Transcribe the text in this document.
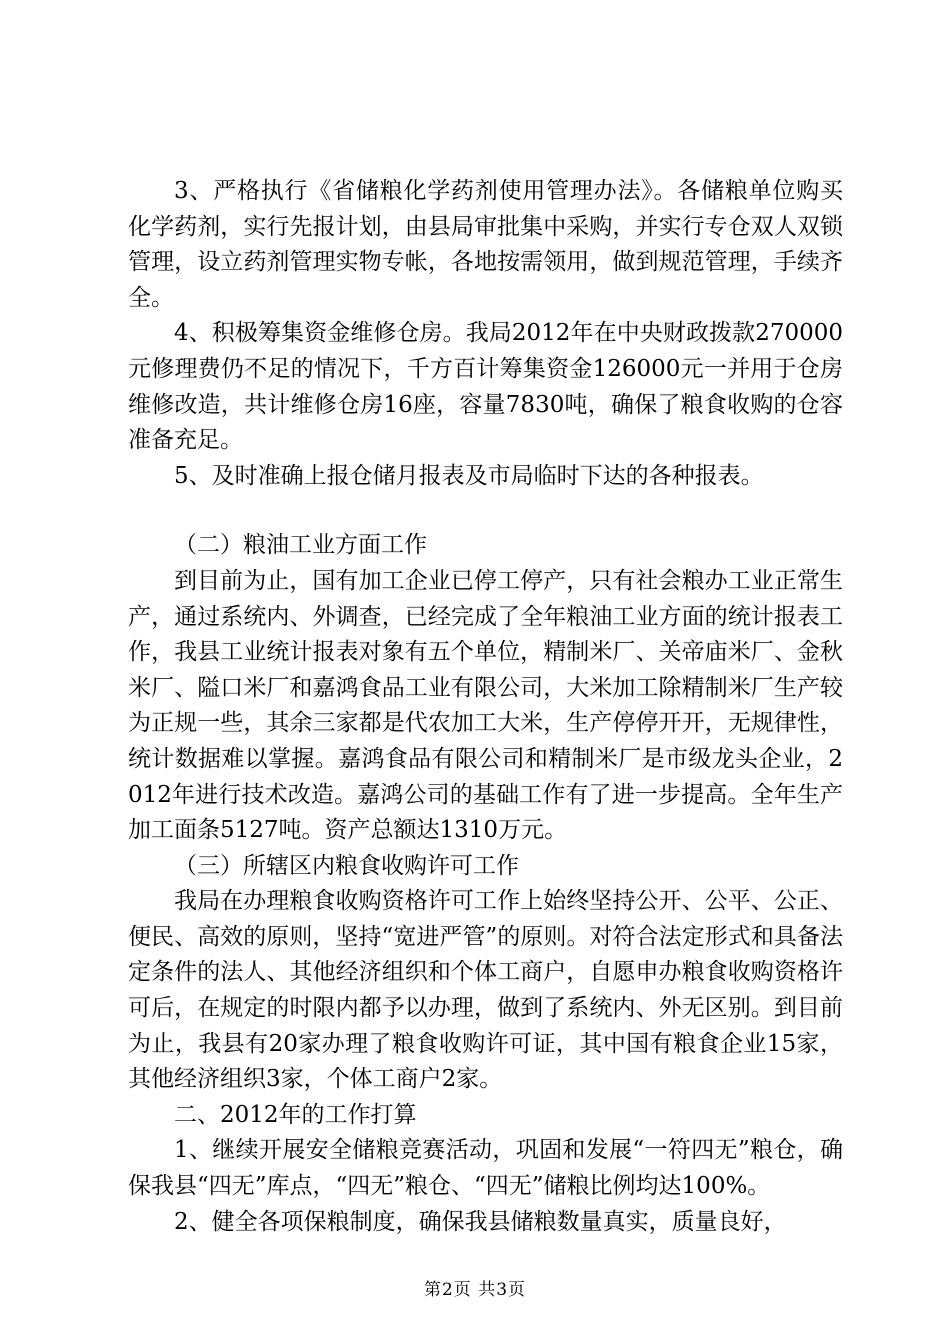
3、严格执行《省储粮化学药剂使用管理办法》。各储粮单位购买化学药剂，实行先报计划，由县局审批集中采购，并实行专仓双人双锁管理，设立药剂管理实物专帐，各地按需领用，做到规范管理，手续齐全。

4、积极筹集资金维修仓房。我局2012年在中央财政拨款270000元修理费仍不足的情况下，千方百计筹集资金126000元一并用于仓房维修改造，共计维修仓房16座，容量7830吨，确保了粮食收购的仓容准备充足。

5、及时准确上报仓储月报表及市局临时下达的各种报表。

（二）粮油工业方面工作

到目前为止，国有加工企业已停工停产，只有社会粮办工业正常生产，通过系统内、外调查，已经完成了全年粮油工业方面的统计报表工作，我县工业统计报表对象有五个单位，精制米厂、关帝庙米厂、金秋米厂、隘口米厂和嘉鸿食品工业有限公司，大米加工除精制米厂生产较为正规一些，其余三家都是代农加工大米，生产停停开开，无规律性，统计数据难以掌握。嘉鸿食品有限公司和精制米厂是市级龙头企业，2012年进行技术改造。嘉鸿公司的基础工作有了进一步提高。全年生产加工面条5127吨。资产总额达1310万元。

（三）所辖区内粮食收购许可工作

我局在办理粮食收购资格许可工作上始终坚持公开、公平、公正、便民、高效的原则，坚持“宽进严管”的原则。对符合法定形式和具备法定条件的法人、其他经济组织和个体工商户，自愿申办粮食收购资格许可后，在规定的时限内都予以办理，做到了系统内、外无区别。到目前为止，我县有20家办理了粮食收购许可证，其中国有粮食企业15家，其他经济组织3家，个体工商户2家。

二、2012年的工作打算

1、继续开展安全储粮竞赛活动，巩固和发展“一符四无”粮仓，确保我县“四无”库点，“四无”粮仓、“四无”储粮比例均达100%。

2、健全各项保粮制度，确保我县储粮数量真实，质量良好，

第2页 共3页
